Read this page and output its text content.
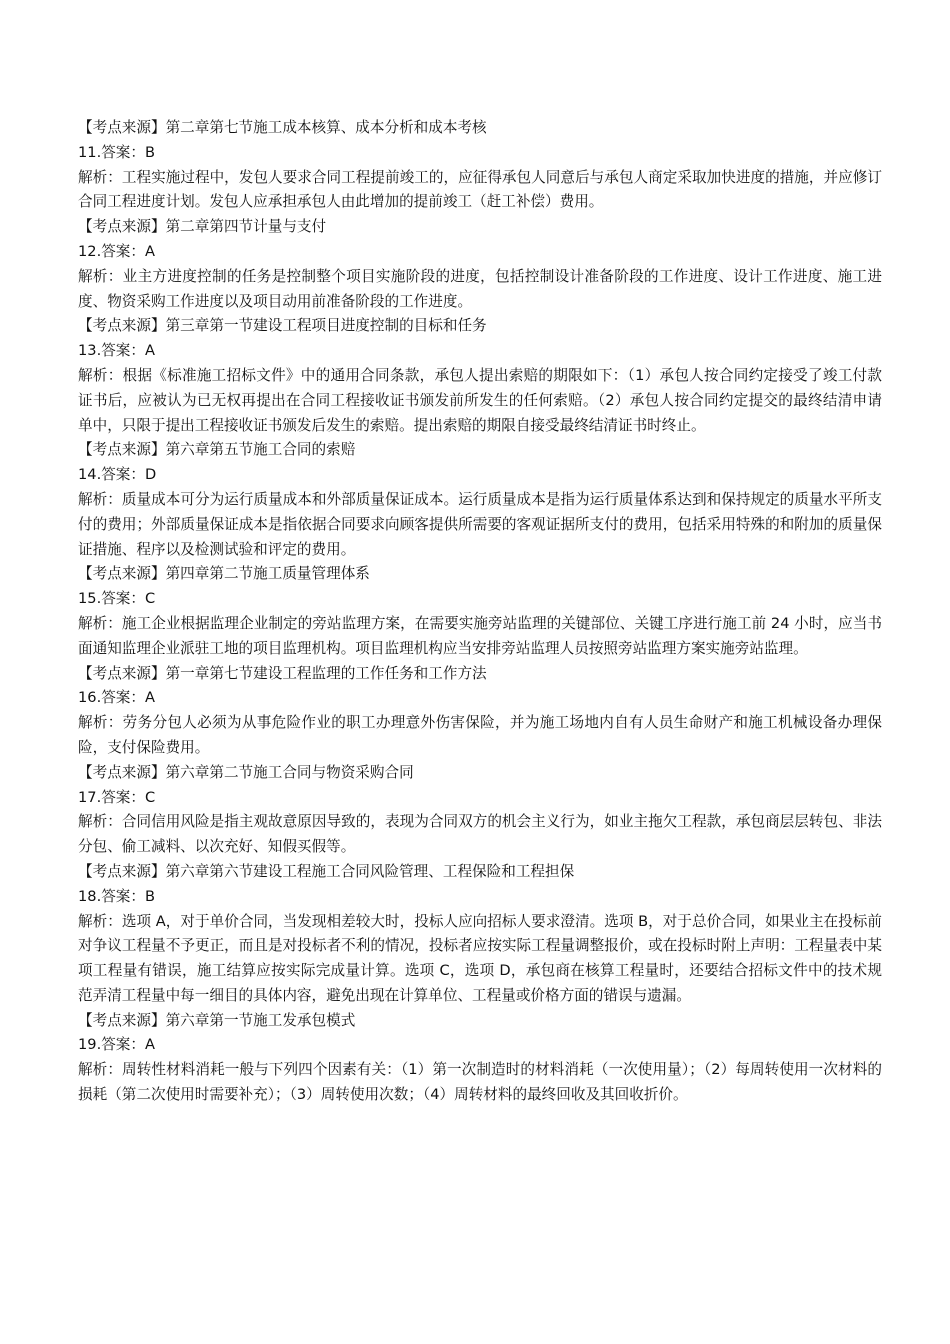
【考点来源】第二章第七节施工成本核算、成本分析和成本考核

11.答案：B

解析：工程实施过程中，发包人要求合同工程提前竣工的，应征得承包人同意后与承包人商定采取加快进度的措施，并应修订合同工程进度计划。发包人应承担承包人由此增加的提前竣工（赶工补偿）费用。

【考点来源】第二章第四节计量与支付

12.答案：A

解析：业主方进度控制的任务是控制整个项目实施阶段的进度，包括控制设计准备阶段的工作进度、设计工作进度、施工进度、物资采购工作进度以及项目动用前准备阶段的工作进度。

【考点来源】第三章第一节建设工程项目进度控制的目标和任务

13.答案：A

解析：根据《标准施工招标文件》中的通用合同条款，承包人提出索赔的期限如下：（1）承包人按合同约定接受了竣工付款证书后，应被认为已无权再提出在合同工程接收证书颁发前所发生的任何索赔。（2）承包人按合同约定提交的最终结清申请单中，只限于提出工程接收证书颁发后发生的索赔。提出索赔的期限自接受最终结清证书时终止。

【考点来源】第六章第五节施工合同的索赔

14.答案：D

解析：质量成本可分为运行质量成本和外部质量保证成本。运行质量成本是指为运行质量体系达到和保持规定的质量水平所支付的费用；外部质量保证成本是指依据合同要求向顾客提供所需要的客观证据所支付的费用，包括采用特殊的和附加的质量保证措施、程序以及检测试验和评定的费用。

【考点来源】第四章第二节施工质量管理体系

15.答案：C

解析：施工企业根据监理企业制定的旁站监理方案，在需要实施旁站监理的关键部位、关键工序进行施工前 24 小时，应当书面通知监理企业派驻工地的项目监理机构。项目监理机构应当安排旁站监理人员按照旁站监理方案实施旁站监理。

【考点来源】第一章第七节建设工程监理的工作任务和工作方法

16.答案：A

解析：劳务分包人必须为从事危险作业的职工办理意外伤害保险，并为施工场地内自有人员生命财产和施工机械设备办理保险，支付保险费用。

【考点来源】第六章第二节施工合同与物资采购合同

17.答案：C

解析：合同信用风险是指主观故意原因导致的，表现为合同双方的机会主义行为，如业主拖欠工程款，承包商层层转包、非法分包、偷工减料、以次充好、知假买假等。

【考点来源】第六章第六节建设工程施工合同风险管理、工程保险和工程担保

18.答案：B

解析：选项 A，对于单价合同，当发现相差较大时，投标人应向招标人要求澄清。选项 B，对于总价合同，如果业主在投标前对争议工程量不予更正，而且是对投标者不利的情况，投标者应按实际工程量调整报价，或在投标时附上声明：工程量表中某项工程量有错误，施工结算应按实际完成量计算。选项 C，选项 D，承包商在核算工程量时，还要结合招标文件中的技术规范弄清工程量中每一细目的具体内容，避免出现在计算单位、工程量或价格方面的错误与遗漏。

【考点来源】第六章第一节施工发承包模式

19.答案：A

解析：周转性材料消耗一般与下列四个因素有关：（1）第一次制造时的材料消耗（一次使用量）；（2）每周转使用一次材料的损耗（第二次使用时需要补充）；（3）周转使用次数；（4）周转材料的最终回收及其回收折价。
